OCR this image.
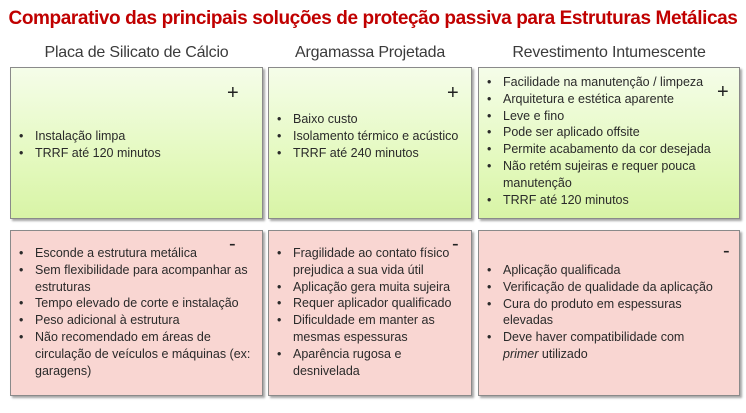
Comparativo das principais soluções de proteção passiva para Estruturas Metálicas
Placa de Silicato de Cálcio	Argamassa Projetada	Revestimento Intumescente
+
• Instalação limpa
• TRRF até 120 minutos
+
• Baixo custo
• Isolamento térmico e acústico
• TRRF até 240 minutos
+
• Facilidade na manutenção / limpeza
• Arquitetura e estética aparente
• Leve e fino
• Pode ser aplicado offsite
• Permite acabamento da cor desejada
• Não retém sujeiras e requer pouca manutenção
• TRRF até 120 minutos
-
• Esconde a estrutura metálica
• Sem flexibilidade para acompanhar as estruturas
• Tempo elevado de corte e instalação
• Peso adicional à estrutura
• Não recomendado em áreas de circulação de veículos e máquinas (ex: garagens)
-
• Fragilidade ao contato físico prejudica a sua vida útil
• Aplicação gera muita sujeira
• Requer aplicador qualificado
• Dificuldade em manter as mesmas espessuras
• Aparência rugosa e desnivelada
-
• Aplicação qualificada
• Verificação de qualidade da aplicação
• Cura do produto em espessuras elevadas
• Deve haver compatibilidade com
primer utilizado
